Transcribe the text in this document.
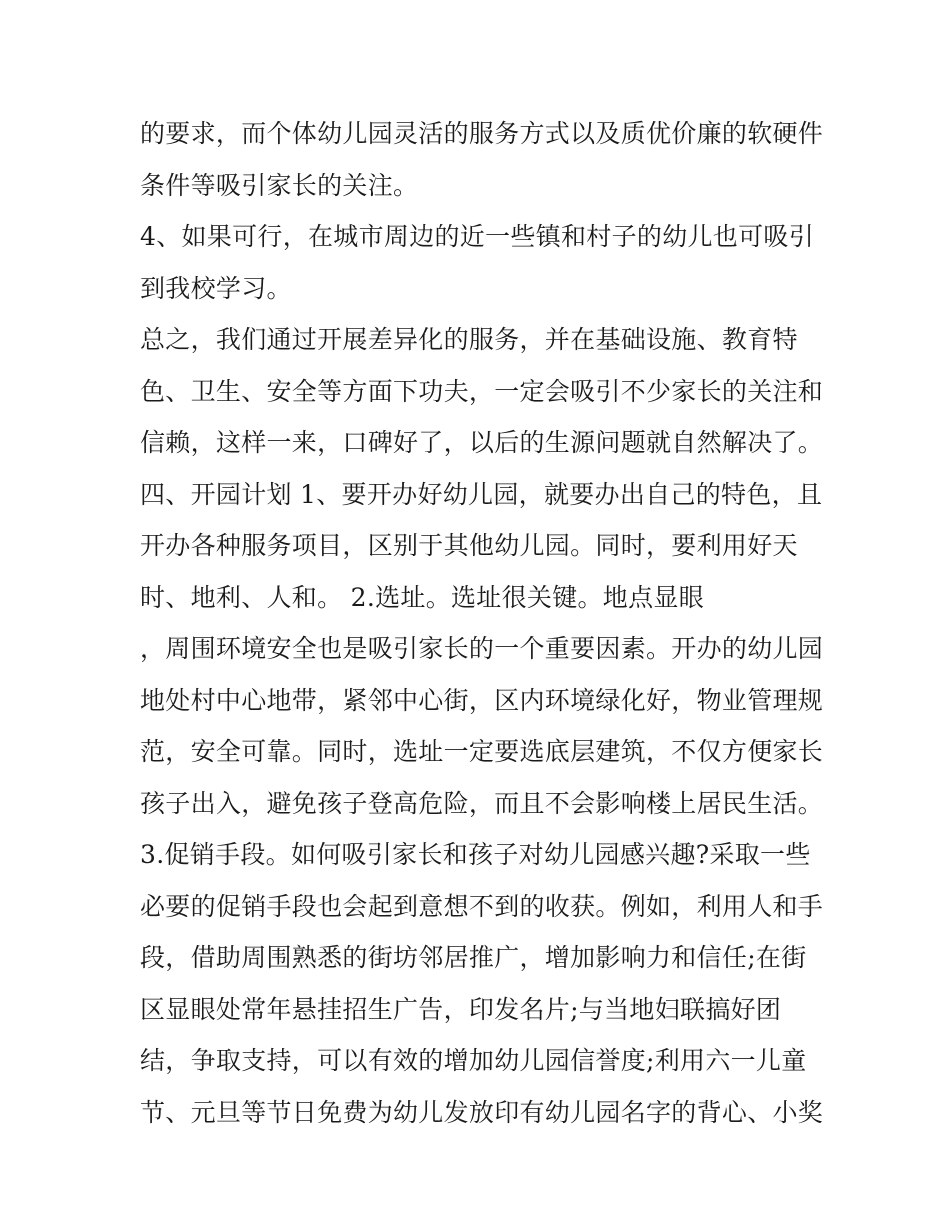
的要求，而个体幼儿园灵活的服务方式以及质优价廉的软硬件
条件等吸引家长的关注。
4、如果可行，在城市周边的近一些镇和村子的幼儿也可吸引
到我校学习。
总之，我们通过开展差异化的服务，并在基础设施、教育特
色、卫生、安全等方面下功夫，一定会吸引不少家长的关注和
信赖，这样一来，口碑好了，以后的生源问题就自然解决了。
四、开园计划 1、要开办好幼儿园，就要办出自己的特色，且
开办各种服务项目，区别于其他幼儿园。同时，要利用好天
时、地利、人和。 2.选址。选址很关键。地点显眼
，周围环境安全也是吸引家长的一个重要因素。开办的幼儿园
地处村中心地带，紧邻中心街，区内环境绿化好，物业管理规
范，安全可靠。同时，选址一定要选底层建筑，不仅方便家长
孩子出入，避免孩子登高危险，而且不会影响楼上居民生活。
3.促销手段。如何吸引家长和孩子对幼儿园感兴趣?采取一些
必要的促销手段也会起到意想不到的收获。例如，利用人和手
段，借助周围熟悉的街坊邻居推广，增加影响力和信任;在街
区显眼处常年悬挂招生广告，印发名片;与当地妇联搞好团
结，争取支持，可以有效的增加幼儿园信誉度;利用六一儿童
节、元旦等节日免费为幼儿发放印有幼儿园名字的背心、小奖
